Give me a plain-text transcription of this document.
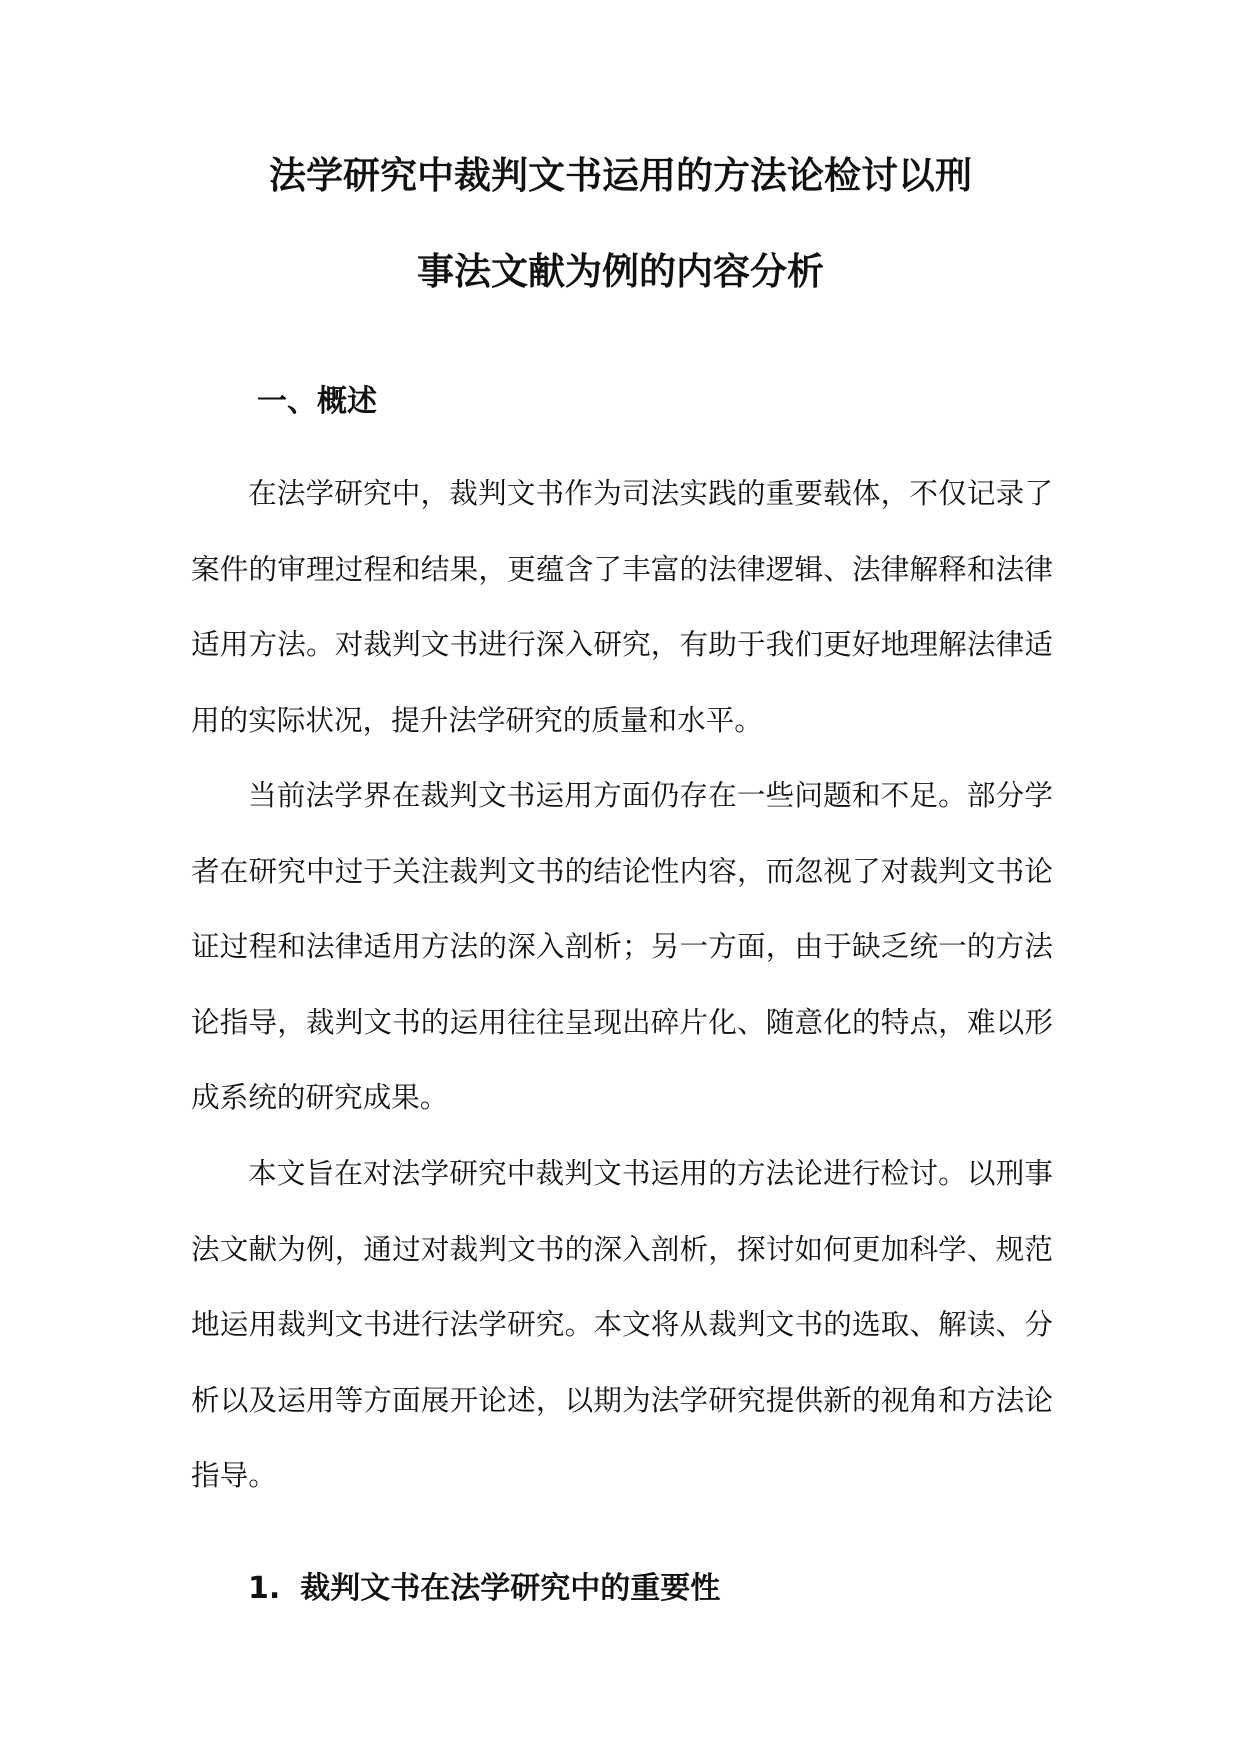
法学研究中裁判文书运用的方法论检讨以刑
事法文献为例的内容分析
一、概述

在法学研究中，裁判文书作为司法实践的重要载体，不仅记录了案件的审理过程和结果，更蕴含了丰富的法律逻辑、法律解释和法律适用方法。对裁判文书进行深入研究，有助于我们更好地理解法律适用的实际状况，提升法学研究的质量和水平。

当前法学界在裁判文书运用方面仍存在一些问题和不足。部分学者在研究中过于关注裁判文书的结论性内容，而忽视了对裁判文书论证过程和法律适用方法的深入剖析；另一方面，由于缺乏统一的方法论指导，裁判文书的运用往往呈现出碎片化、随意化的特点，难以形成系统的研究成果。

本文旨在对法学研究中裁判文书运用的方法论进行检讨。以刑事法文献为例，通过对裁判文书的深入剖析，探讨如何更加科学、规范地运用裁判文书进行法学研究。本文将从裁判文书的选取、解读、分析以及运用等方面展开论述，以期为法学研究提供新的视角和方法论指导。

1. 裁判文书在法学研究中的重要性
